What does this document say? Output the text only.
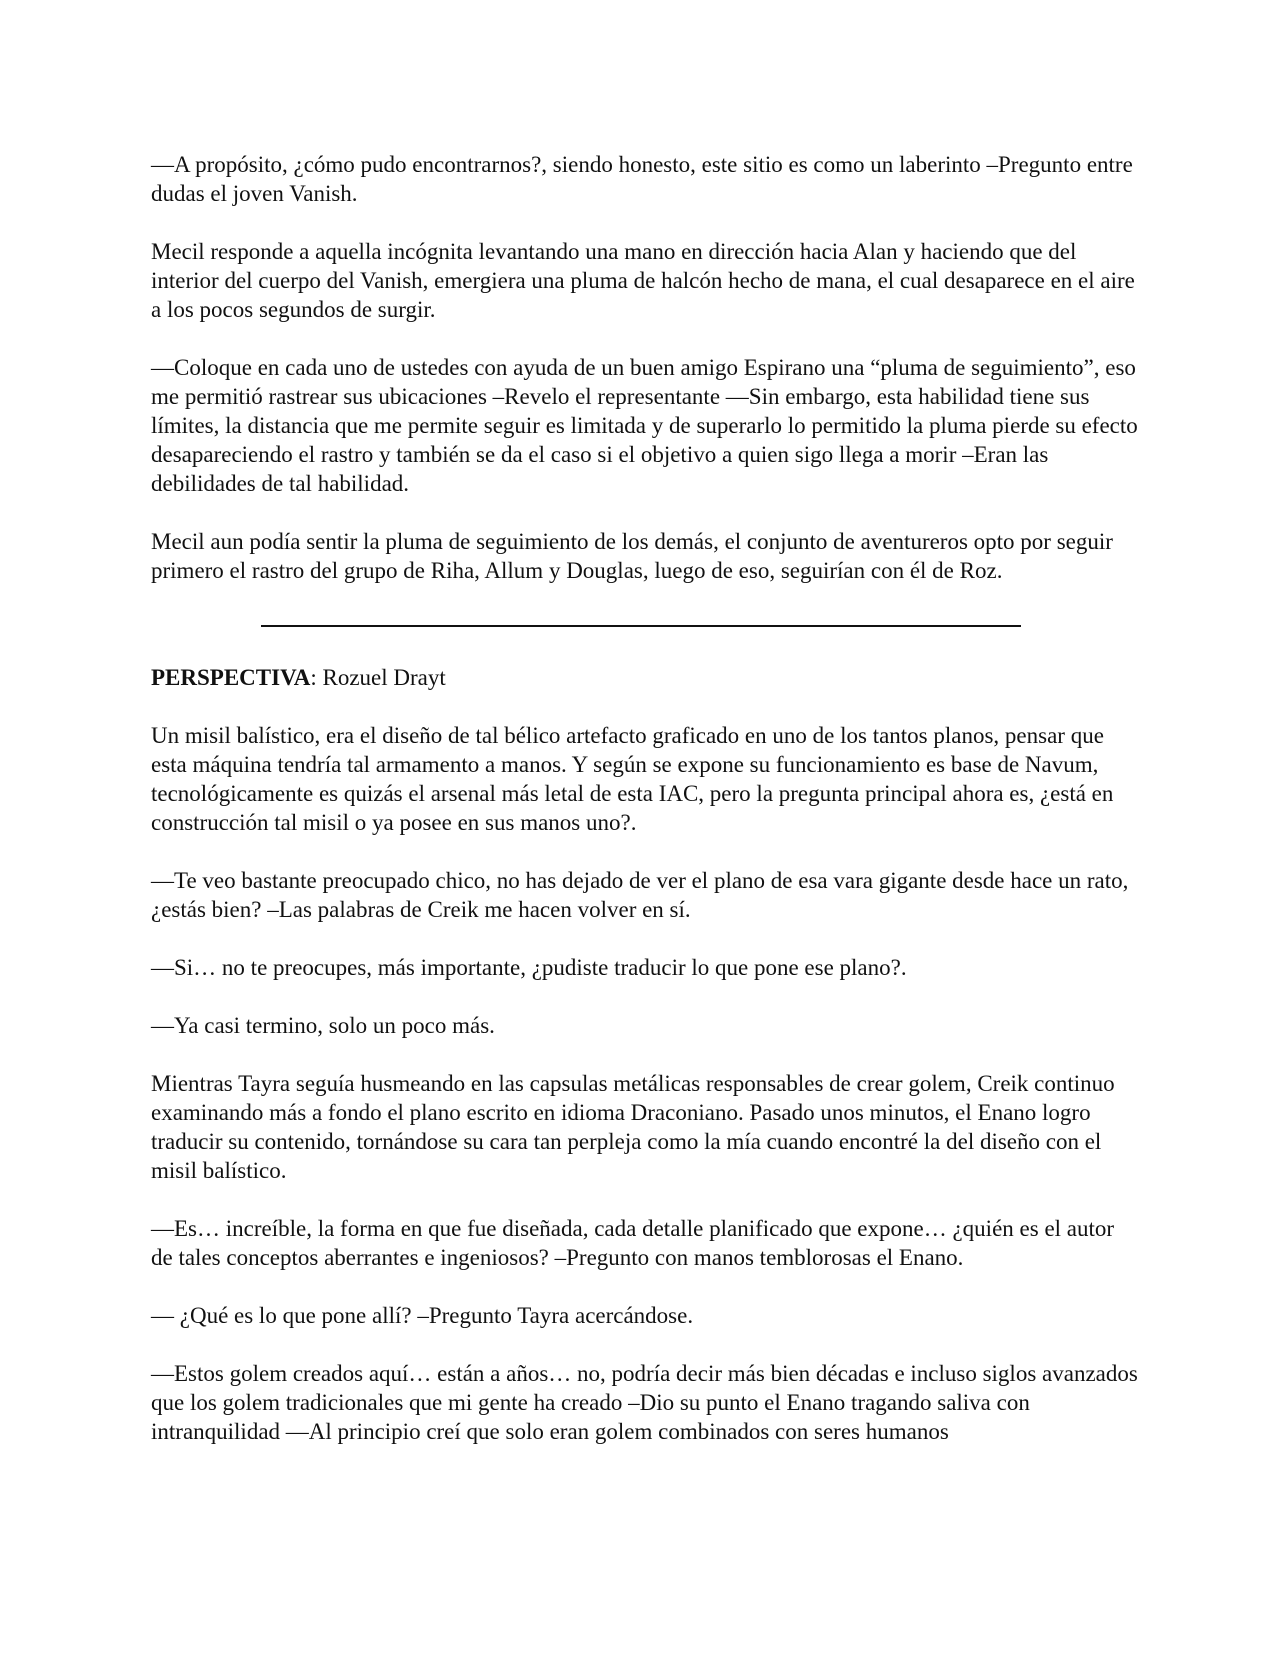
—A propósito, ¿cómo pudo encontrarnos?, siendo honesto, este sitio es como un laberinto –Pregunto entre dudas el joven Vanish.

Mecil responde a aquella incógnita levantando una mano en dirección hacia Alan y haciendo que del interior del cuerpo del Vanish, emergiera una pluma de halcón hecho de mana, el cual desaparece en el aire a los pocos segundos de surgir.

—Coloque en cada uno de ustedes con ayuda de un buen amigo Espirano una “pluma de seguimiento”, eso me permitió rastrear sus ubicaciones –Revelo el representante —Sin embargo, esta habilidad tiene sus límites, la distancia que me permite seguir es limitada y de superarlo lo permitido la pluma pierde su efecto desapareciendo el rastro y también se da el caso si el objetivo a quien sigo llega a morir –Eran las debilidades de tal habilidad.

Mecil aun podía sentir la pluma de seguimiento de los demás, el conjunto de aventureros opto por seguir primero el rastro del grupo de Riha, Allum y Douglas, luego de eso, seguirían con él de Roz.

PERSPECTIVA: Rozuel Drayt

Un misil balístico, era el diseño de tal bélico artefacto graficado en uno de los tantos planos, pensar que esta máquina tendría tal armamento a manos. Y según se expone su funcionamiento es base de Navum, tecnológicamente es quizás el arsenal más letal de esta IAC, pero la pregunta principal ahora es, ¿está en construcción tal misil o ya posee en sus manos uno?.

—Te veo bastante preocupado chico, no has dejado de ver el plano de esa vara gigante desde hace un rato, ¿estás bien? –Las palabras de Creik me hacen volver en sí.

—Si… no te preocupes, más importante, ¿pudiste traducir lo que pone ese plano?.

—Ya casi termino, solo un poco más.

Mientras Tayra seguía husmeando en las capsulas metálicas responsables de crear golem, Creik continuo examinando más a fondo el plano escrito en idioma Draconiano. Pasado unos minutos, el Enano logro traducir su contenido, tornándose su cara tan perpleja como la mía cuando encontré la del diseño con el misil balístico.

—Es… increíble, la forma en que fue diseñada, cada detalle planificado que expone… ¿quién es el autor de tales conceptos aberrantes e ingeniosos? –Pregunto con manos temblorosas el Enano.

— ¿Qué es lo que pone allí? –Pregunto Tayra acercándose.

—Estos golem creados aquí… están a años… no, podría decir más bien décadas e incluso siglos avanzados que los golem tradicionales que mi gente ha creado –Dio su punto el Enano tragando saliva con intranquilidad —Al principio creí que solo eran golem combinados con seres humanos
